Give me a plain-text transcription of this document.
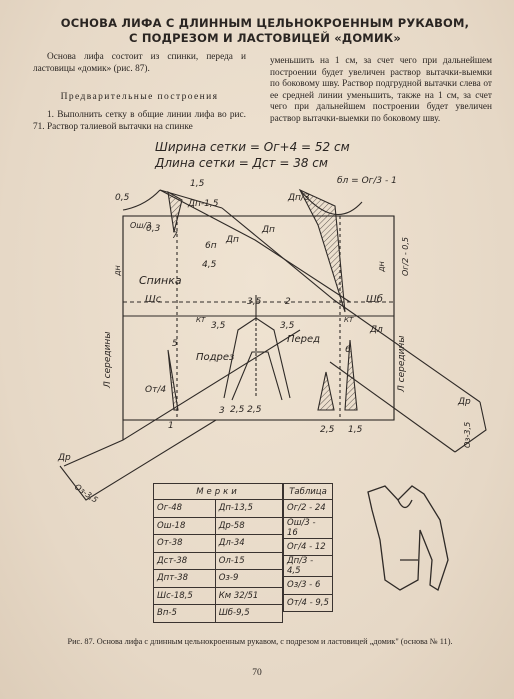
ОСНОВА ЛИФА С ДЛИННЫМ ЦЕЛЬНОКРОЕННЫМ РУКАВОМ,
С ПОДРЕЗОМ И ЛАСТОВИЦЕЙ «ДОМИК»

Основа лифа состоит из спинки, переда и ластовицы «домик» (рис. 87).

Предварительные построения

1. Выполнить сетку в общие линии лифа во рис. 71. Раствор талиевой вытачки на спинке

уменьшить на 1 см, за счет чего при дальнейшем построении будет увеличен раствор вытачки-выемки по боковому шву. Раствор подгрудной вытачки слева от ее средней линии уменьшить, также на 1 см, за счет чего при дальнейшем построении будет увеличен раствор вытачки-выемки по боковому шву.

Ширина сетки = Ог+4 = 52 см
Длина сетки = Дст = 38 см
Спинка
Перед
Подрез
Шс	Шб
Дп
Дп
Дп-1,5
Дп/3
6п
бл = Ог/3 - 1
Дл
КТ
КТ
Др
Др
От/4
Ош/3
0,5
1,5
0,3
4,5
3,5
3,5	3,5
2
2,5 2,5
2,5 1,5
7
6
5
3
1
Л середины	Л середины
дн	дн Ог/2 - 0,5
Оз-3,5
Оз-3,5
Мерки	
Ог-48	Дп-13,5
Ош-18	Др-58
От-38	Дл-34
Дст-38	Ол-15
Дпт-38	Оз-9
Шс-18,5	Км 32/51
Вп-5	Шб-9,5
Таблица
Ог/2 - 24
Ош/3 - 16
Ог/4 - 12
Дп/3 - 4,5
Оз/3 - 6
От/4 - 9,5
Рис. 87. Основа лифа с длинным цельнокроенным рукавом, с подрезом и ластовицей „домик" (основа № 11).
70
